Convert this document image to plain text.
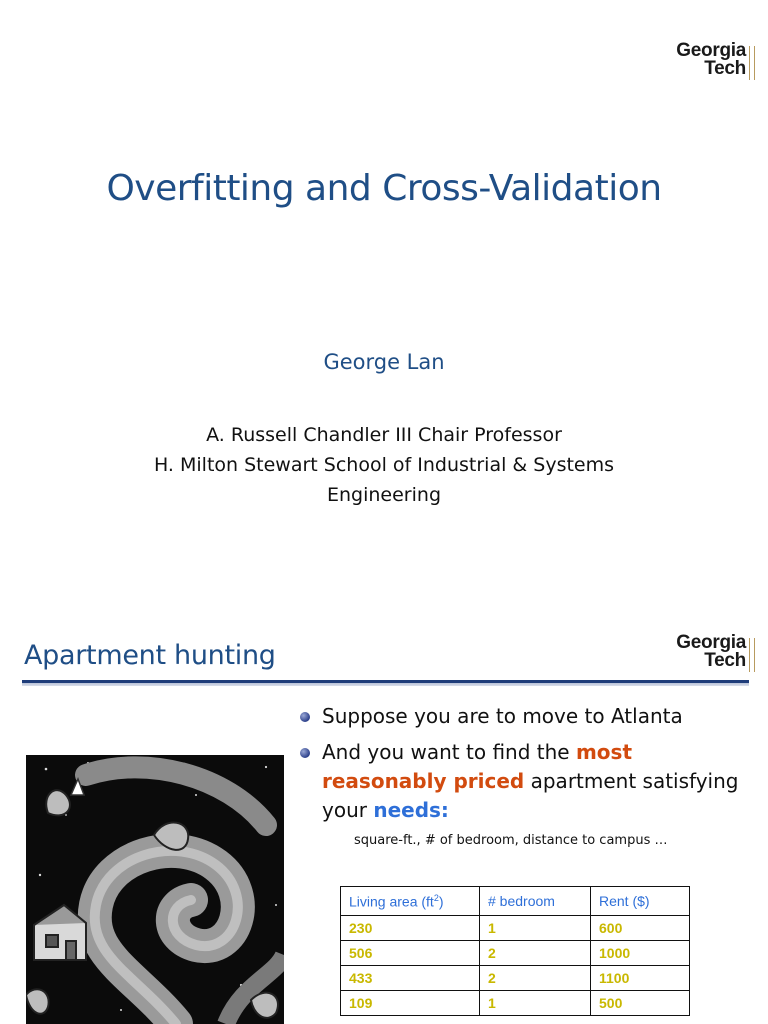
Georgia
Tech
Overfitting and Cross-Validation
George Lan
A. Russell Chandler III Chair Professor
H. Milton Stewart School of Industrial & Systems
Engineering
Apartment hunting	Georgia
Tech
Suppose you are to move to Atlanta
And you want to find the most
reasonably priced apartment satisfying
your needs:
square-ft., # of bedroom, distance to campus …
Living area $(ft^2)$	# bedroom	Rent ($)
230	1	600
506	2	1000
433	2	1100
109	1	500
